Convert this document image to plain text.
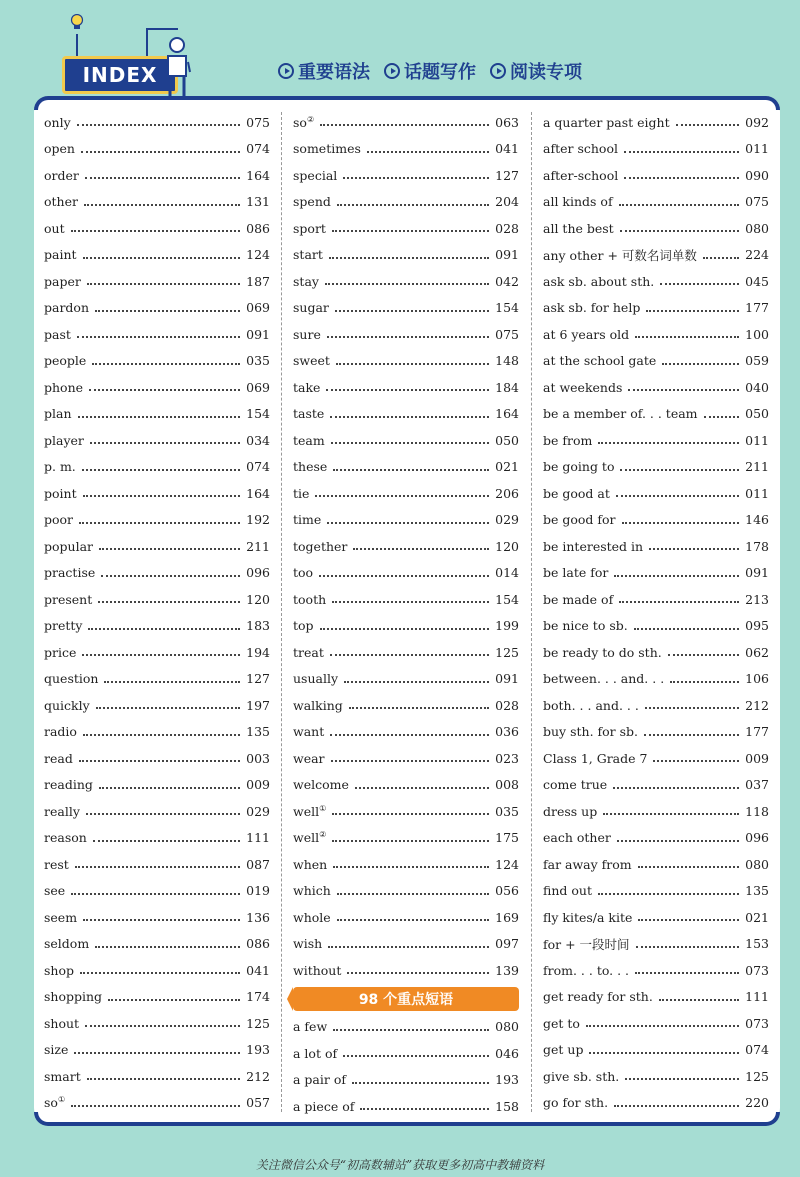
INDEX	重要语法 话题写作 阅读专项
only	075
open	074
order	164
other	131
out	086
paint	124
paper	187
pardon	069
past	091
people	035
phone	069
plan	154
player	034
p. m.	074
point	164
poor	192
popular	211
practise	096
present	120
pretty	183
price	194
question	127
quickly	197
radio	135
read	003
reading	009
really	029
reason	111
rest	087
see	019
seem	136
seldom	086
shop	041
shopping	174
shout	125
size	193
smart	212
so①	057
so②	063
sometimes	041
special	127
spend	204
sport	028
start	091
stay	042
sugar	154
sure	075
sweet	148
take	184
taste	164
team	050
these	021
tie	206
time	029
together	120
too	014
tooth	154
top	199
treat	125
usually	091
walking	028
want	036
wear	023
welcome	008
well①	035
well②	175
when	124
which	056
whole	169
wish	097
without	139
98 个重点短语
a few	080
a lot of	046
a pair of	193
a piece of	158
a quarter past eight	092
after school	011
after-school	090
all kinds of	075
all the best	080
any other + 可数名词单数	224
ask sb. about sth.	045
ask sb. for help	177
at 6 years old	100
at the school gate	059
at weekends	040
be a member of. . . team	050
be from	011
be going to	211
be good at	011
be good for	146
be interested in	178
be late for	091
be made of	213
be nice to sb.	095
be ready to do sth.	062
between. . . and. . .	106
both. . . and. . .	212
buy sth. for sb.	177
Class 1, Grade 7	009
come true	037
dress up	118
each other	096
far away from	080
find out	135
fly kites/a kite	021
for + 一段时间	153
from. . . to. . .	073
get ready for sth.	111
get to	073
get up	074
give sb. sth.	125
go for sth.	220
关注微信公众号“初高数辅站”获取更多初高中教辅资料
